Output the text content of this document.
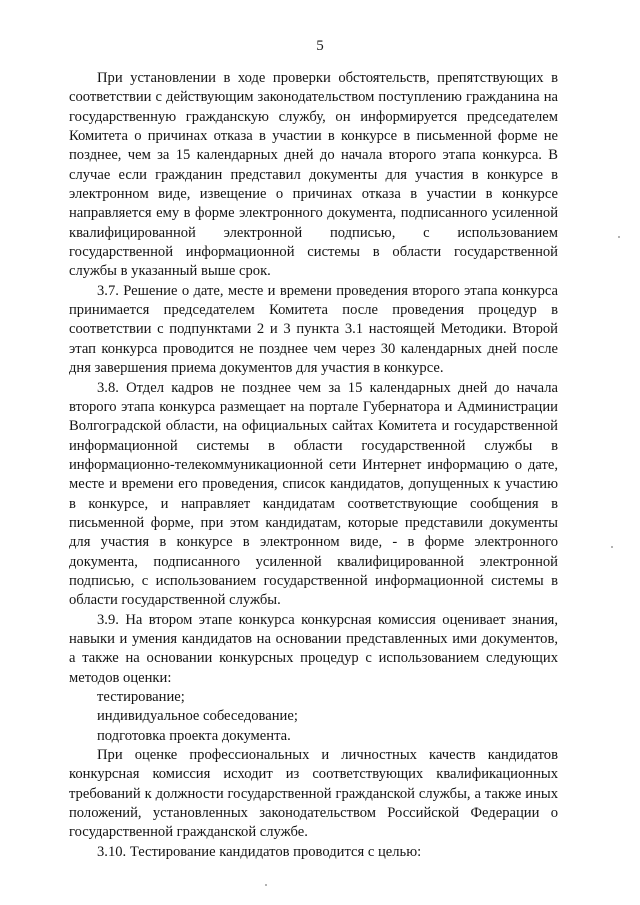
5

При установлении в ходе проверки обстоятельств, препятствующих в соответствии с действующим законодательством поступлению гражданина на государственную гражданскую службу, он информируется председателем Комитета о причинах отказа в участии в конкурсе в письменной форме не позднее, чем за 15 календарных дней до начала второго этапа конкурса. В случае если гражданин представил документы для участия в конкурсе в электронном виде, извещение о причинах отказа в участии в конкурсе направляется ему в форме электронного документа, подписанного усиленной квалифицированной электронной подписью, с использованием государственной информационной системы в области государственной службы в указанный выше срок.

3.7. Решение о дате, месте и времени проведения второго этапа конкурса принимается председателем Комитета после проведения процедур в соответствии с подпунктами 2 и 3 пункта 3.1 настоящей Методики. Второй этап конкурса проводится не позднее чем через 30 календарных дней после дня завершения приема документов для участия в конкурсе.

3.8. Отдел кадров не позднее чем за 15 календарных дней до начала второго этапа конкурса размещает на портале Губернатора и Администрации Волгоградской области, на официальных сайтах Комитета и государственной информационной системы в области государственной службы в информационно-телекоммуникационной сети Интернет информацию о дате, месте и времени его проведения, список кандидатов, допущенных к участию в конкурсе, и направляет кандидатам соответствующие сообщения в письменной форме, при этом кандидатам, которые представили документы для участия в конкурсе в электронном виде, - в форме электронного документа, подписанного усиленной квалифицированной электронной подписью, с использованием государственной информационной системы в области государственной службы.

3.9. На втором этапе конкурса конкурсная комиссия оценивает знания, навыки и умения кандидатов на основании представленных ими документов, а также на основании конкурсных процедур с использованием следующих методов оценки:

тестирование;

индивидуальное собеседование;

подготовка проекта документа.

При оценке профессиональных и личностных качеств кандидатов конкурсная комиссия исходит из соответствующих квалификационных требований к должности государственной гражданской службы, а также иных положений, установленных законодательством Российской Федерации о государственной гражданской службе.

3.10. Тестирование кандидатов проводится с целью:
